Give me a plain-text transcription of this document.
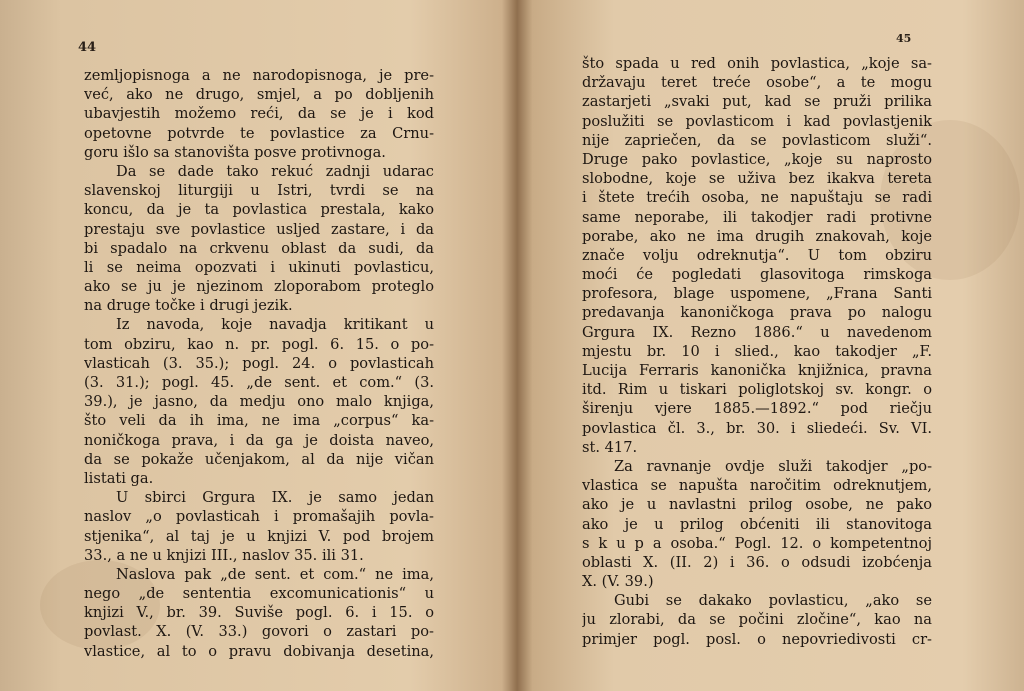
44
zemljopisnoga a ne narodopisnoga, je pre-
već, ako ne drugo, smjel, a po dobljenih
ubavjestih možemo reći, da se je i kod
opetovne potvrde te povlastice za Crnu-
goru išlo sa stanovišta posve protivnoga.
Da se dade tako rekuć zadnji udarac
slavenskoj liturgiji u Istri, tvrdi se na
koncu, da je ta povlastica prestala, kako
prestaju sve povlastice uslјed zastare, i da
bi spadalo na crkvenu oblast da sudi, da
li se neima opozvati i ukinuti povlasticu,
ako se ju je njezinom zloporabom proteglo
na druge točke i drugi jezik.
Iz navoda, koje navadja kritikant u
tom obziru, kao n. pr. pogl. 6. 15. o po-
vlasticah (3. 35.); pogl. 24. o povlasticah
(3. 31.); pogl. 45. „de sent. et com.“ (3.
39.), je jasno, da medju ono malo knjiga,
što veli da ih ima, ne ima „corpus“ ka-
noničkoga prava, i da ga je doista naveo,
da se pokaže učenjakom, al da nije vičan
listati ga.
U sbirci Grgura IX. je samo jedan
naslov „o povlasticah i promašajih povla-
stjenika“, al taj je u knjizi V. pod brojem
33., a ne u knjizi III., naslov 35. ili 31.
Naslova pak „de sent. et com.“ ne ima,
nego „de sententia excomunicationis“ u
knjizi V., br. 39. Suviše pogl. 6. i 15. o
povlast. X. (V. 33.) govori o zastari po-
vlastice, al to o pravu dobivanja desetina,
45
što spada u red onih povlastica, „koje sa-
državaju teret treće osobe“, a te mogu
zastarjeti „svaki put, kad se pruži prilika
poslužiti se povlasticom i kad povlastjenik
nije zapriečen, da se povlasticom služi“.
Druge pako povlastice, „koje su naprosto
slobodne, koje se uživa bez ikakva tereta
i štete trećih osoba, ne napuštaju se radi
same neporabe, ili takodjer radi protivne
porabe, ako ne ima drugih znakovah, koje
znače volju odreknutja“. U tom obziru
moći će pogledati glasovitoga rimskoga
profesora, blage uspomene, „Frana Santi
predavanja kanoničkoga prava po nalogu
Grgura IX. Rezno 1886.“ u navedenom
mjestu br. 10 i slied., kao takodjer „F.
Lucija Ferraris kanonička knjižnica, pravna
itd. Rim u tiskari poliglotskoj sv. kongr. o
širenju vjere 1885.—1892.“ pod riečju
povlastica čl. 3., br. 30. i sliedeći. Sv. VI.
st. 417.
Za ravnanje ovdje služi takodjer „po-
vlastica se napušta naročitim odreknutjem,
ako je u navlastni prilog osobe, ne pako
ako je u prilog obćeniti ili stanovitoga
s k u p a osoba.“ Pogl. 12. o kompetentnoj
oblasti X. (II. 2) i 36. o odsudi izobćenja
X. (V. 39.)
Gubi se dakako povlasticu, „ako se
ju zlorabi, da se počini zločine“, kao na
primjer pogl. posl. o nepovriedivosti cr-
